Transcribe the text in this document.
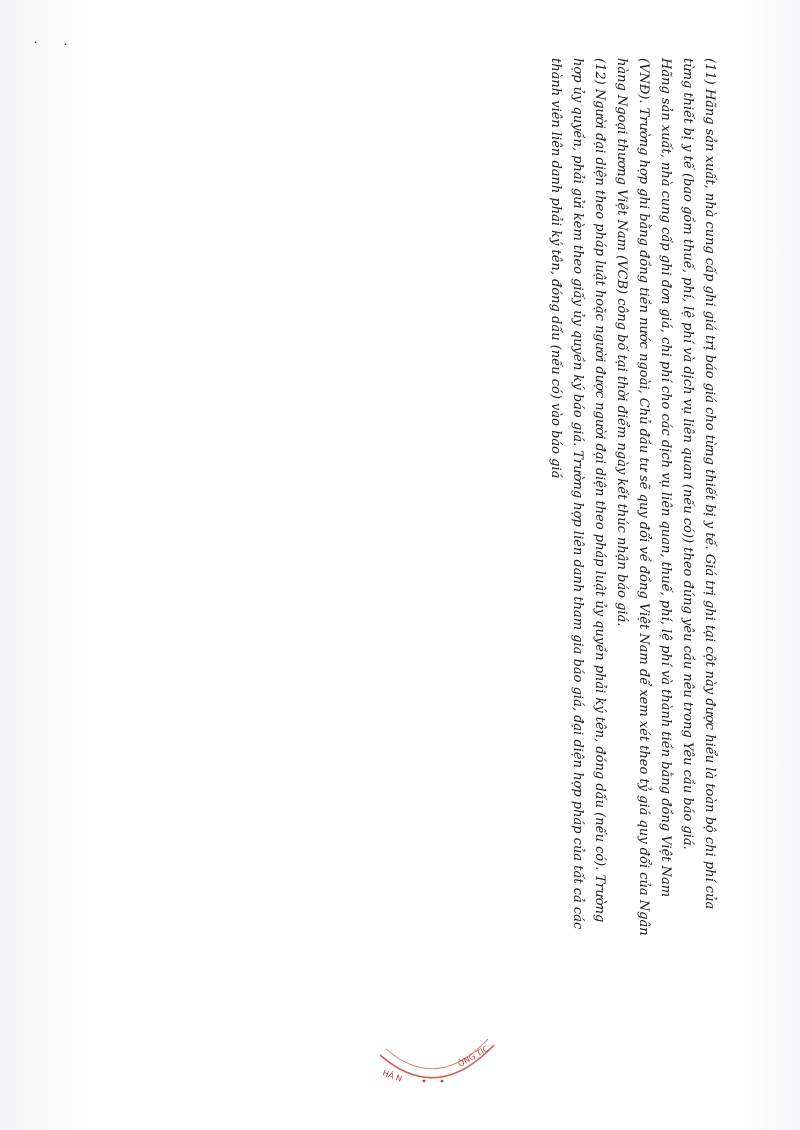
·	·

(11) Hãng sản xuất, nhà cung cấp ghi giá trị báo giá cho từng thiết bị y tế. Giá trị ghi tại cột này được hiểu là toàn bộ chi phí của

từng thiết bị y tế (bao gồm thuế, phí, lệ phí và dịch vụ liên quan (nếu có)) theo đúng yêu cầu nêu trong Yêu cầu báo giá.

Hãng sản xuất, nhà cung cấp ghi đơn giá, chi phí cho các dịch vụ liên quan, thuế, phí, lệ phí và thành tiền bằng đồng Việt Nam

(VNĐ). Trường hợp ghi bằng đồng tiền nước ngoài, Chủ đầu tư sẽ quy đổi về đồng Việt Nam để xem xét theo tỷ giá quy đổi của Ngân

hàng Ngoại thương Việt Nam (VCB) công bố tại thời điểm ngày kết thúc nhận báo giá.

(12) Người đại diện theo pháp luật hoặc người được người đại diện theo pháp luật ủy quyền phải ký tên, đóng dấu (nếu có). Trường

hợp ủy quyền, phải gửi kèm theo giấy ủy quyền ký báo giá. Trường hợp liên danh tham gia báo giá, đại diện hợp pháp của tất cả các

thành viên liên danh phải ký tên, đóng dấu (nếu có) vào báo giá

HÀ N
ÔNG TIC
